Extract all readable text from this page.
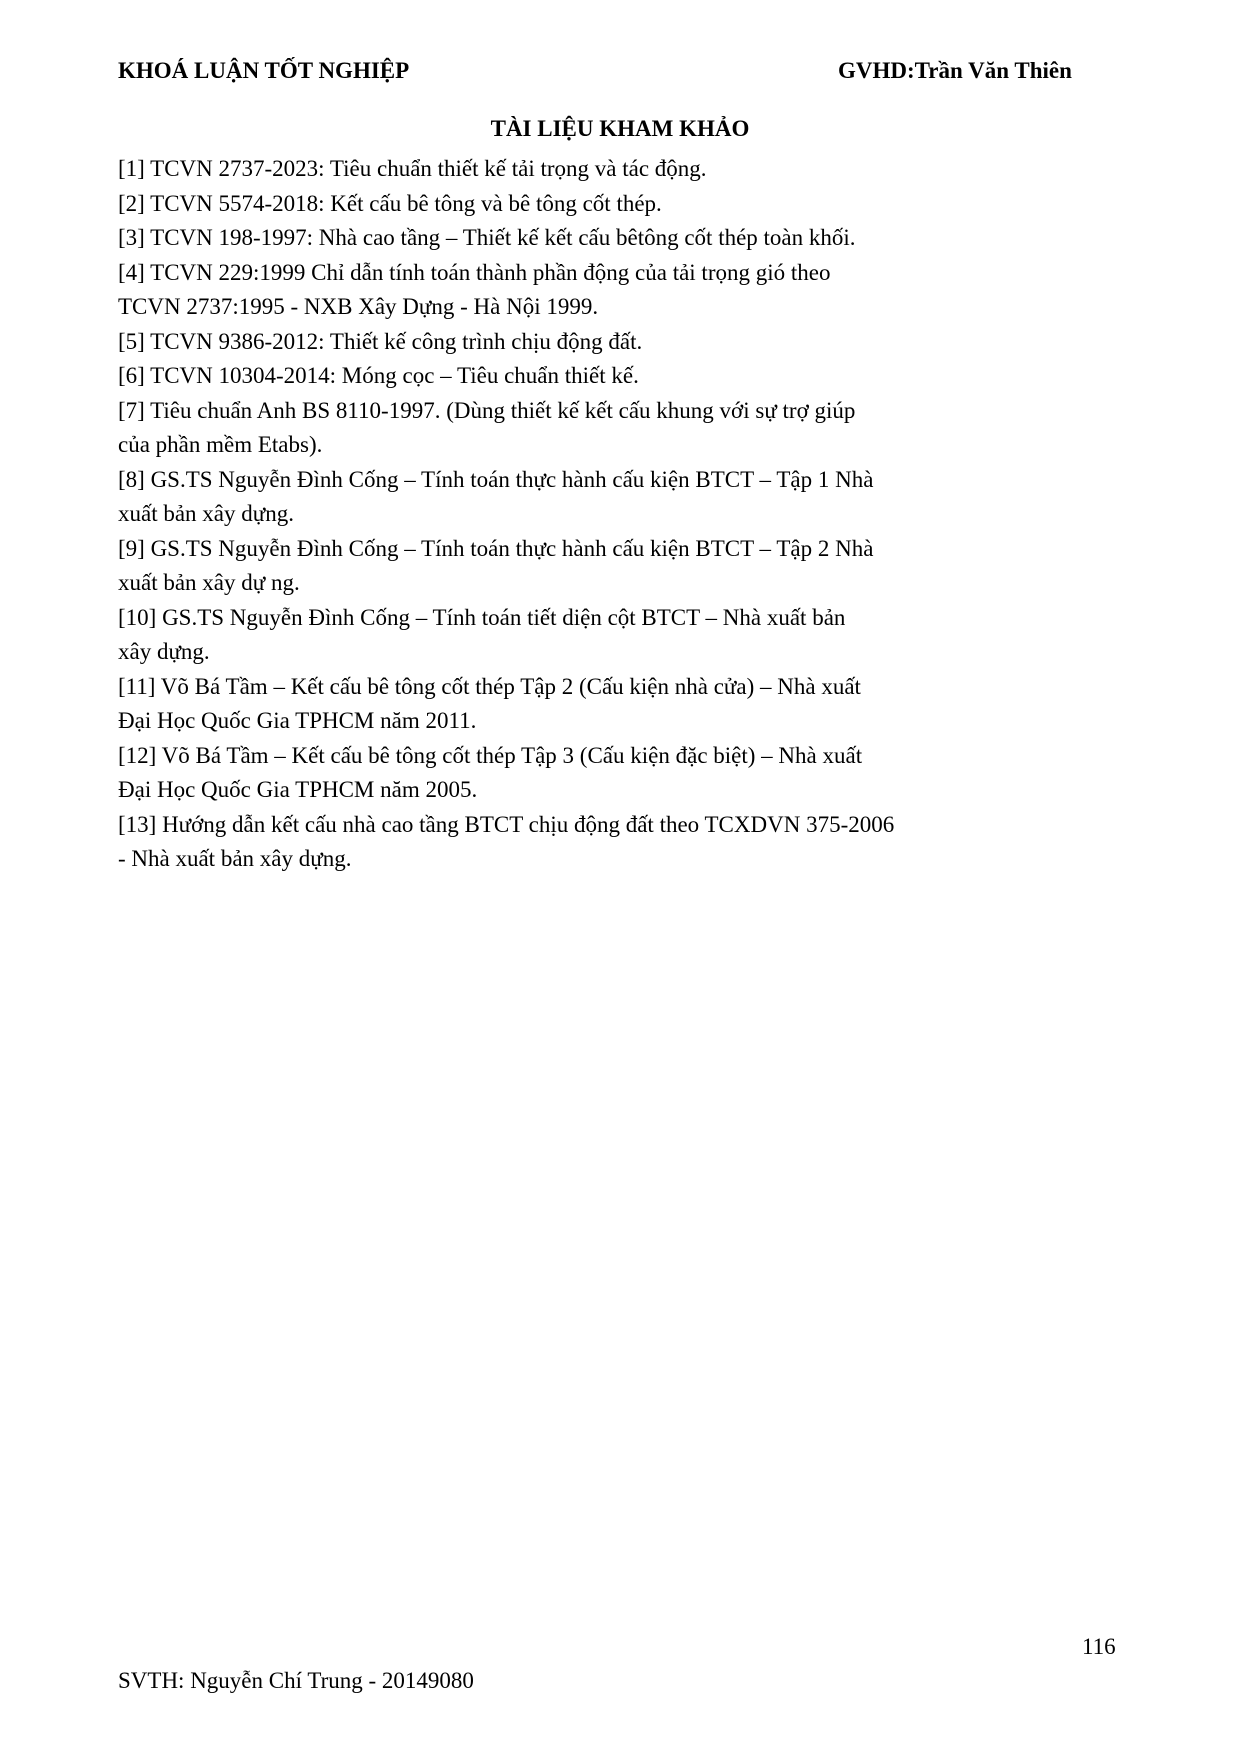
KHOÁ LUẬN TỐT NGHIỆP	GVHD:Trần Văn Thiên
TÀI LIỆU KHAM KHẢO
[1] TCVN 2737-2023: Tiêu chuẩn thiết kế tải trọng và tác động.
[2] TCVN 5574-2018: Kết cấu bê tông và bê tông cốt thép.
[3] TCVN 198-1997: Nhà cao tầng – Thiết kế kết cấu bêtông cốt thép toàn khối.
[4] TCVN 229:1999 Chỉ dẫn tính toán thành phần động của tải trọng gió theo
TCVN 2737:1995 - NXB Xây Dựng - Hà Nội 1999.
[5] TCVN 9386-2012: Thiết kế công trình chịu động đất.
[6] TCVN 10304-2014: Móng cọc – Tiêu chuẩn thiết kế.
[7] Tiêu chuẩn Anh BS 8110-1997. (Dùng thiết kế kết cấu khung với sự trợ giúp
của phần mềm Etabs).
[8] GS.TS Nguyễn Đình Cống – Tính toán thực hành cấu kiện BTCT – Tập 1 Nhà
xuất bản xây dựng.
[9] GS.TS Nguyễn Đình Cống – Tính toán thực hành cấu kiện BTCT – Tập 2 Nhà
xuất bản xây dự ng.
[10] GS.TS Nguyễn Đình Cống – Tính toán tiết diện cột BTCT – Nhà xuất bản
xây dựng.
[11] Võ Bá Tầm – Kết cấu bê tông cốt thép Tập 2 (Cấu kiện nhà cửa) – Nhà xuất
Đại Học Quốc Gia TPHCM năm 2011.
[12] Võ Bá Tầm – Kết cấu bê tông cốt thép Tập 3 (Cấu kiện đặc biệt) – Nhà xuất
Đại Học Quốc Gia TPHCM năm 2005.
[13] Hướng dẫn kết cấu nhà cao tầng BTCT chịu động đất theo TCXDVN 375-2006
- Nhà xuất bản xây dựng.
116
SVTH: Nguyễn Chí Trung - 20149080
